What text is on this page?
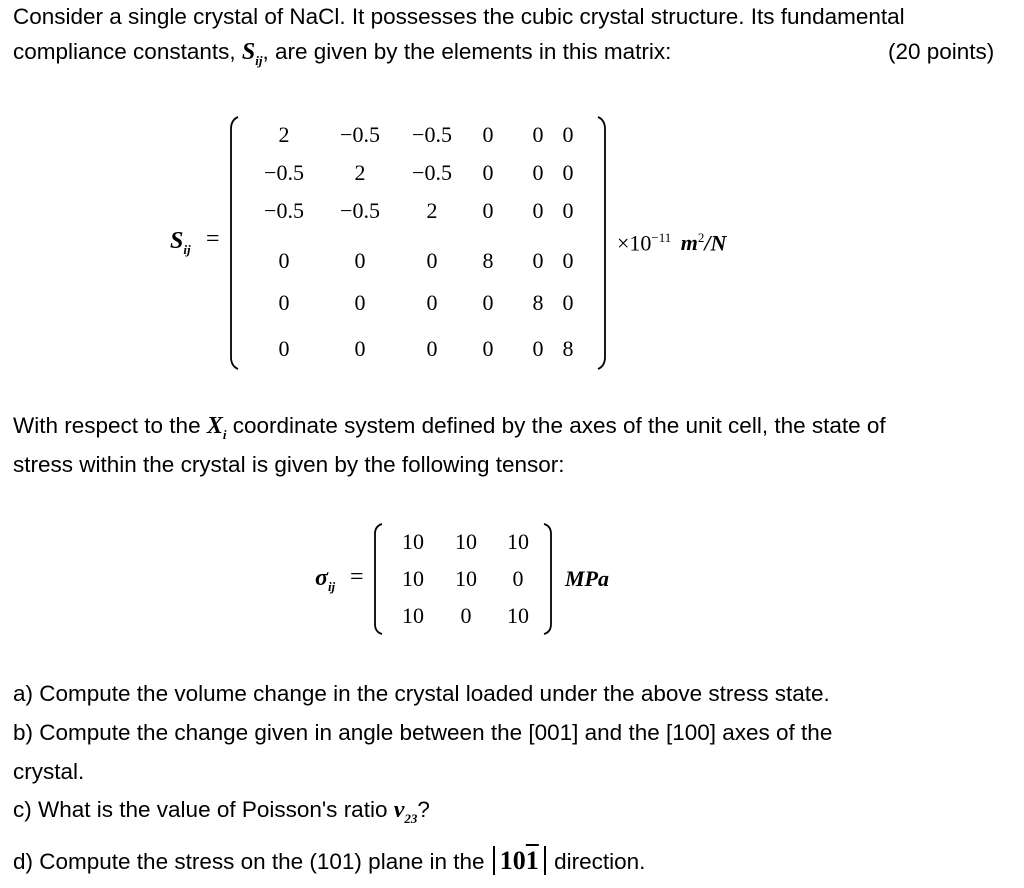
Consider a single crystal of NaCl. It possesses the cubic crystal structure. Its fundamental
compliance constants, $S_{ij}$, are given by the elements in this matrix:	(20 points)
$S_{ij}$ =
2	−0.5	−0.5	0	0 0
−0.5	2	−0.5	0	0 0
−0.5	−0.5	2	0	0 0
0	0	0	8	0 0
0	0	0	0	8 0
0	0	0	0	0 8
$\times 10^{-11}$ $m^2/N$
With respect to the $X_i$ coordinate system defined by the axes of the unit cell, the state of
stress within the crystal is given by the following tensor:
$\sigma_{ij}$ =
10	10	10
10	10	0
10	0	10
MPa
a) Compute the volume change in the crystal loaded under the above stress state.
b) Compute the change given in angle between the [001] and the [100] axes of the
crystal.
c) What is the value of Poisson's ratio $\nu_{23}$?
d) Compute the stress on the (101) plane in the 101 direction.
